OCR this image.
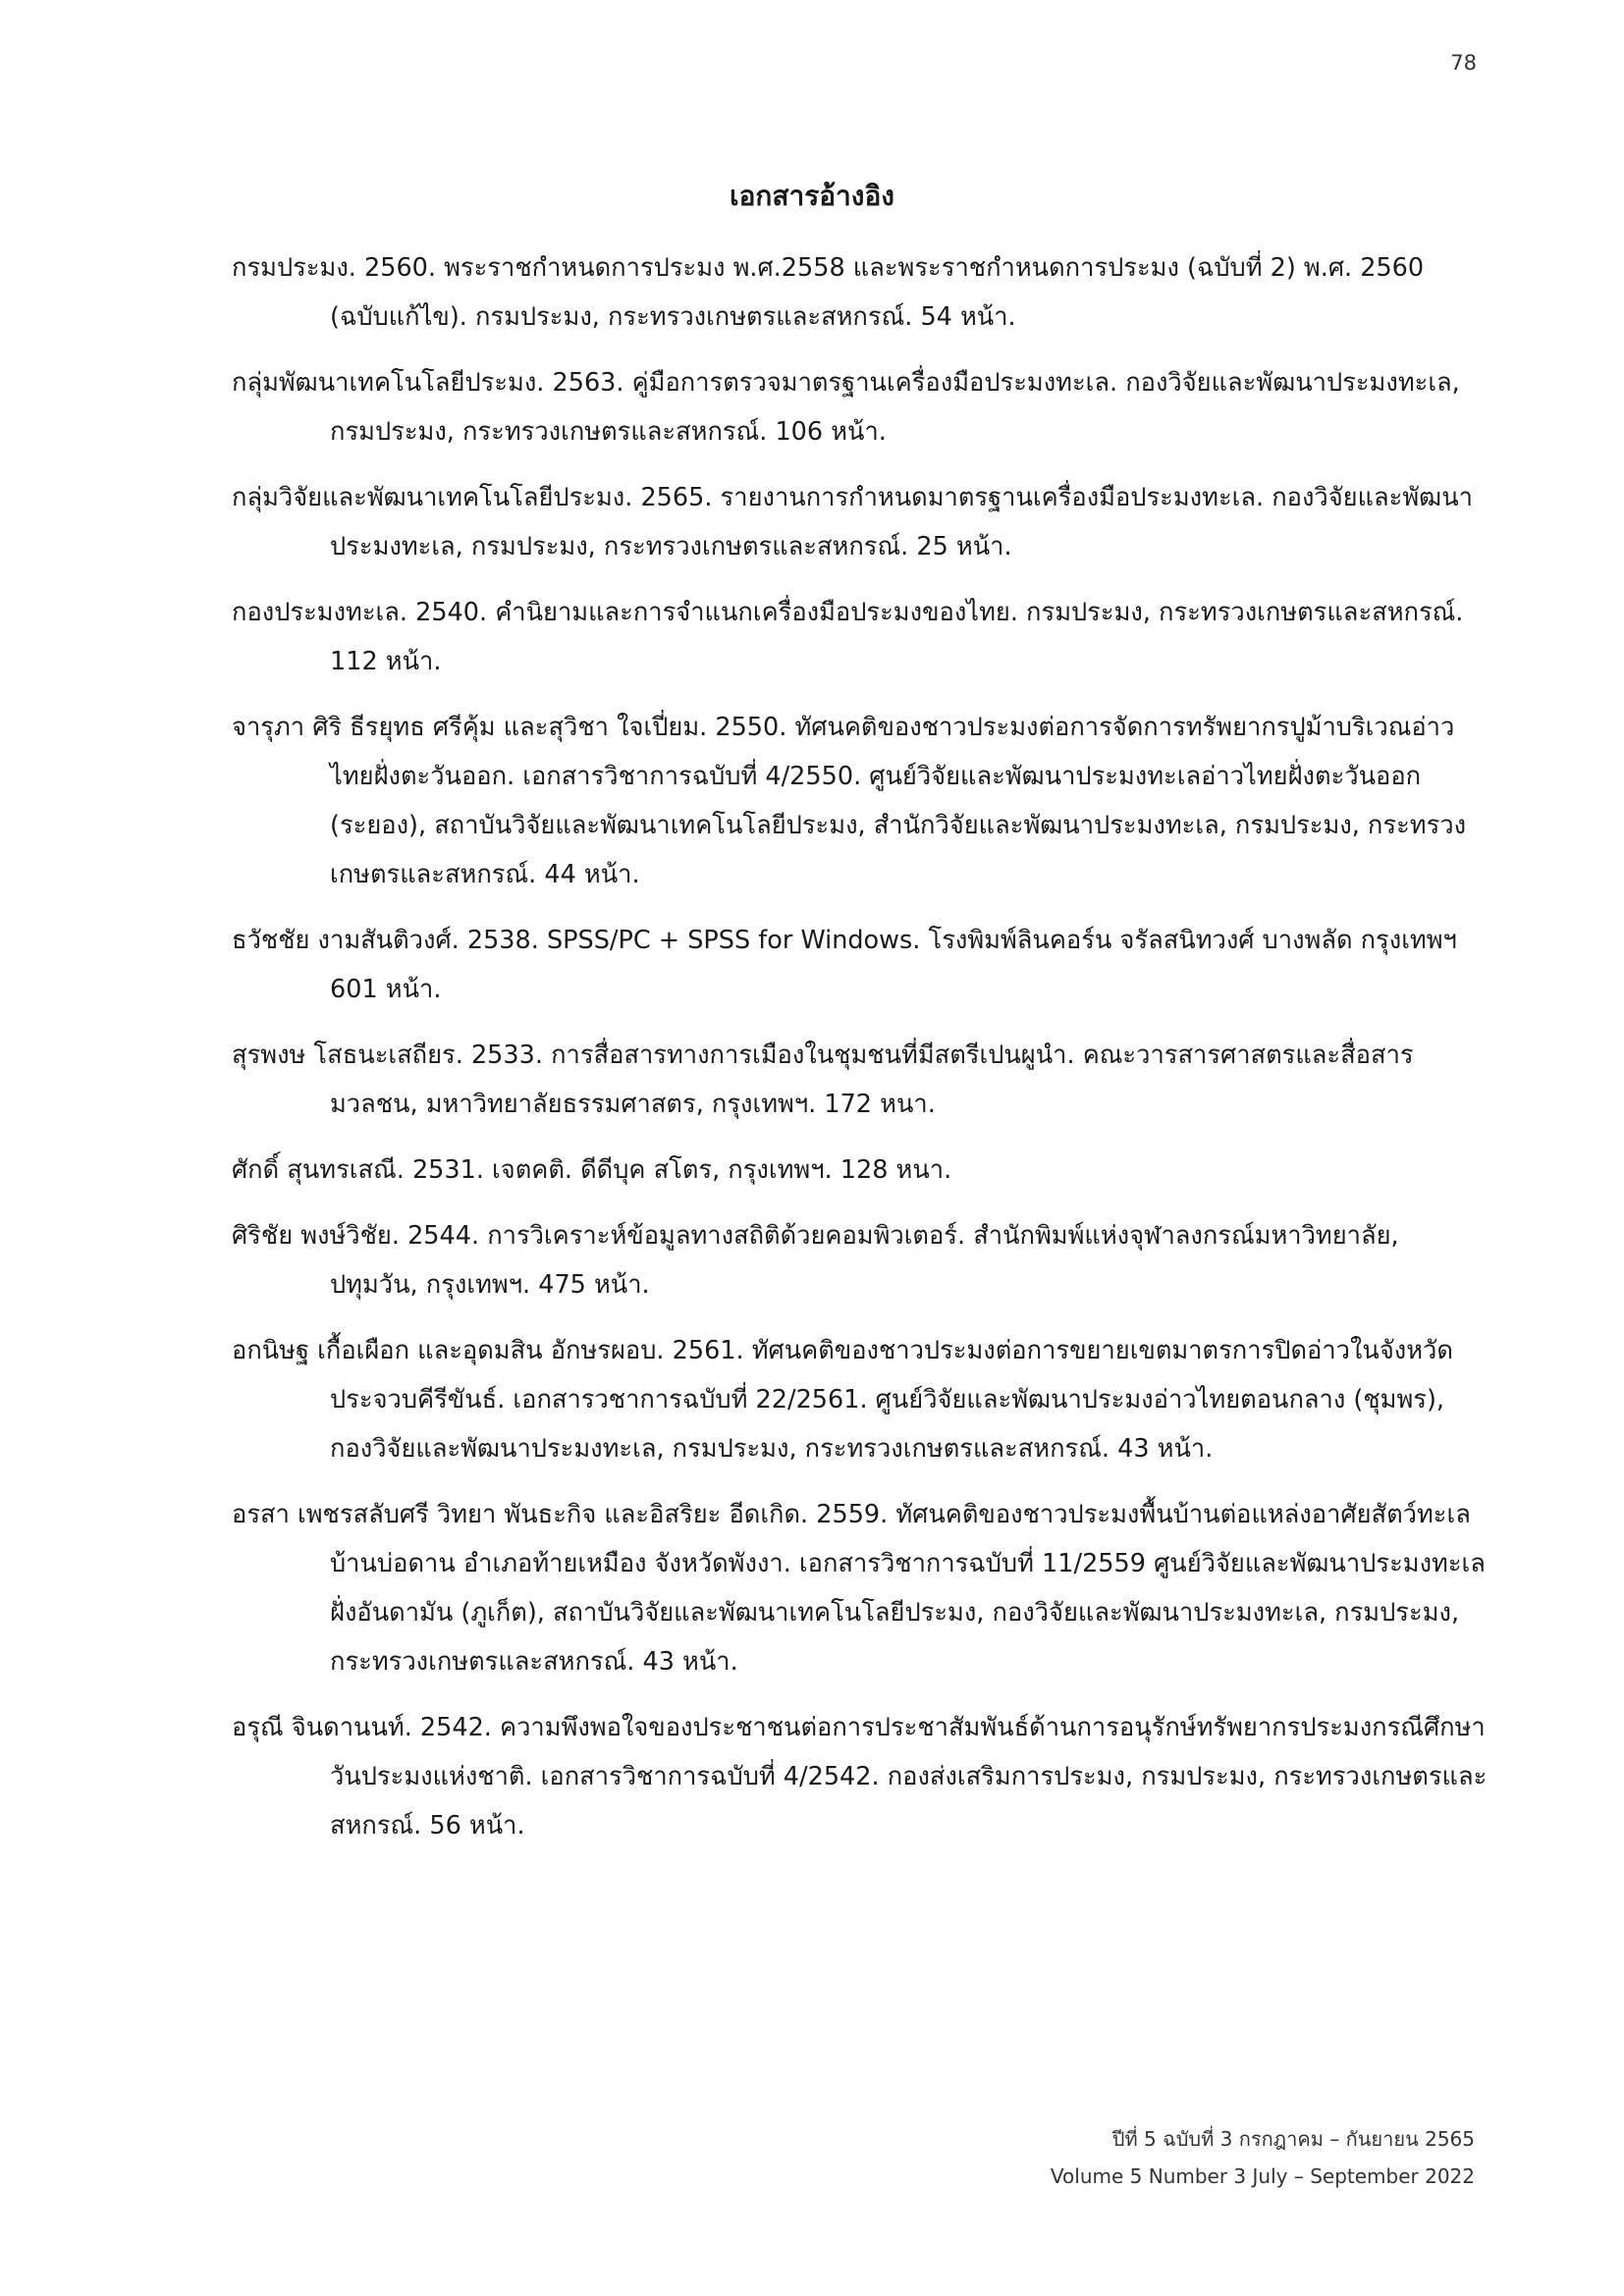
78
เอกสารอ้างอิง
กรมประมง. 2560. พระราชกำหนดการประมง พ.ศ.2558 และพระราชกำหนดการประมง (ฉบับที่ 2) พ.ศ. 2560 (ฉบับแก้ไข). กรมประมง, กระทรวงเกษตรและสหกรณ์. 54 หน้า.
กลุ่มพัฒนาเทคโนโลยีประมง. 2563. คู่มือการตรวจมาตรฐานเครื่องมือประมงทะเล. กองวิจัยและพัฒนาประมงทะเล, กรมประมง, กระทรวงเกษตรและสหกรณ์. 106 หน้า.
กลุ่มวิจัยและพัฒนาเทคโนโลยีประมง. 2565. รายงานการกำหนดมาตรฐานเครื่องมือประมงทะเล. กองวิจัยและพัฒนาประมงทะเล, กรมประมง, กระทรวงเกษตรและสหกรณ์. 25 หน้า.
กองประมงทะเล. 2540. คำนิยามและการจำแนกเครื่องมือประมงของไทย. กรมประมง, กระทรวงเกษตรและสหกรณ์. 112 หน้า.
จารุภา ศิริ ธีรยุทธ ศรีคุ้ม และสุวิชา ใจเปี่ยม. 2550. ทัศนคติของชาวประมงต่อการจัดการทรัพยากรปูม้าบริเวณอ่าวไทยฝั่งตะวันออก. เอกสารวิชาการฉบับที่ 4/2550. ศูนย์วิจัยและพัฒนาประมงทะเลอ่าวไทยฝั่งตะวันออก (ระยอง), สถาบันวิจัยและพัฒนาเทคโนโลยีประมง, สำนักวิจัยและพัฒนาประมงทะเล, กรมประมง, กระทรวงเกษตรและสหกรณ์. 44 หน้า.
ธวัชชัย งามสันติวงศ์. 2538. SPSS/PC + SPSS for Windows. โรงพิมพ์ลินคอร์น จรัลสนิทวงศ์ บางพลัด กรุงเทพฯ 601 หน้า.
สุรพงษ โสธนะเสถียร. 2533. การสื่อสารทางการเมืองในชุมชนที่มีสตรีเปนผูนำ. คณะวารสารศาสตรและสื่อสารมวลชน, มหาวิทยาลัยธรรมศาสตร, กรุงเทพฯ. 172 หนา.
ศักดิ์ สุนทรเสณี. 2531. เจตคติ. ดีดีบุค สโตร, กรุงเทพฯ. 128 หนา.
ศิริชัย พงษ์วิชัย. 2544. การวิเคราะห์ข้อมูลทางสถิติด้วยคอมพิวเตอร์. สำนักพิมพ์แห่งจุฬาลงกรณ์มหาวิทยาลัย, ปทุมวัน, กรุงเทพฯ. 475 หน้า.
อกนิษฐ เกื้อเผือก และอุดมสิน อักษรผอบ. 2561. ทัศนคติของชาวประมงต่อการขยายเขตมาตรการปิดอ่าวในจังหวัดประจวบคีรีขันธ์. เอกสารวชาการฉบับที่ 22/2561. ศูนย์วิจัยและพัฒนาประมงอ่าวไทยตอนกลาง (ชุมพร), กองวิจัยและพัฒนาประมงทะเล, กรมประมง, กระทรวงเกษตรและสหกรณ์. 43 หน้า.
อรสา เพชรสลับศรี วิทยา พันธะกิจ และอิสริยะ อีดเกิด. 2559. ทัศนคติของชาวประมงพื้นบ้านต่อแหล่งอาศัยสัตว์ทะเลบ้านบ่อดาน อำเภอท้ายเหมือง จังหวัดพังงา. เอกสารวิชาการฉบับที่ 11/2559 ศูนย์วิจัยและพัฒนาประมงทะเลฝั่งอันดามัน (ภูเก็ต), สถาบันวิจัยและพัฒนาเทคโนโลยีประมง, กองวิจัยและพัฒนาประมงทะเล, กรมประมง, กระทรวงเกษตรและสหกรณ์. 43 หน้า.
อรุณี จินดานนท์. 2542. ความพึงพอใจของประชาชนต่อการประชาสัมพันธ์ด้านการอนุรักษ์ทรัพยากรประมงกรณีศึกษาวันประมงแห่งชาติ. เอกสารวิชาการฉบับที่ 4/2542. กองส่งเสริมการประมง, กรมประมง, กระทรวงเกษตรและสหกรณ์. 56 หน้า.
ปีที่ 5 ฉบับที่ 3 กรกฎาคม – กันยายน 2565
Volume 5 Number 3 July – September 2022
